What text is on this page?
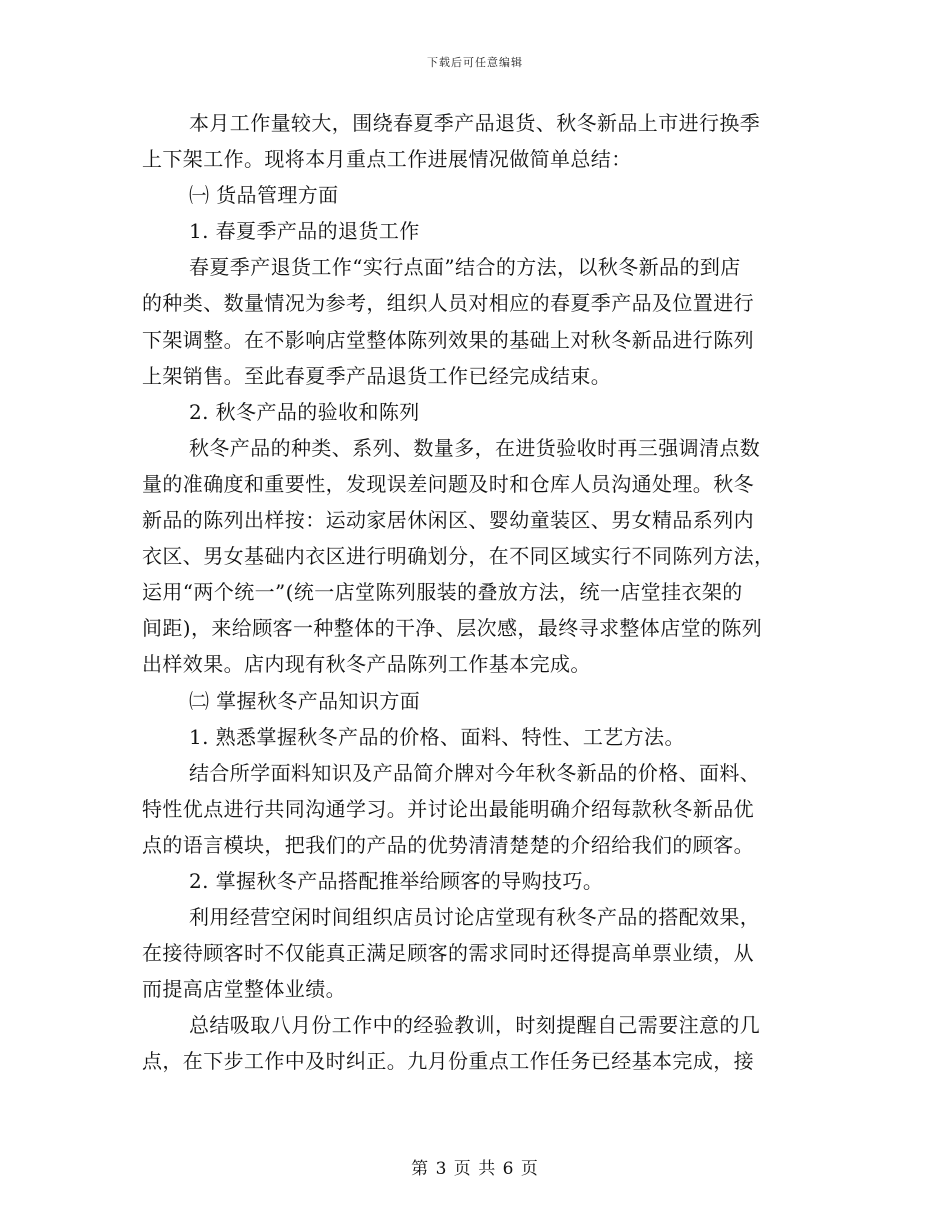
下载后可任意编辑
本月工作量较大，围绕春夏季产品退货、秋冬新品上市进行换季
上下架工作。现将本月重点工作进展情况做简单总结：
㈠ 货品管理方面
1. 春夏季产品的退货工作
春夏季产退货工作“实行点面”结合的方法，以秋冬新品的到店
的种类、数量情况为参考，组织人员对相应的春夏季产品及位置进行
下架调整。在不影响店堂整体陈列效果的基础上对秋冬新品进行陈列
上架销售。至此春夏季产品退货工作已经完成结束。
2. 秋冬产品的验收和陈列
秋冬产品的种类、系列、数量多，在进货验收时再三强调清点数
量的准确度和重要性，发现误差问题及时和仓库人员沟通处理。秋冬
新品的陈列出样按：运动家居休闲区、婴幼童装区、男女精品系列内
衣区、男女基础内衣区进行明确划分，在不同区域实行不同陈列方法，
运用“两个统一”(统一店堂陈列服装的叠放方法，统一店堂挂衣架的
间距)，来给顾客一种整体的干净、层次感，最终寻求整体店堂的陈列
出样效果。店内现有秋冬产品陈列工作基本完成。
㈡ 掌握秋冬产品知识方面
1. 熟悉掌握秋冬产品的价格、面料、特性、工艺方法。
结合所学面料知识及产品简介牌对今年秋冬新品的价格、面料、
特性优点进行共同沟通学习。并讨论出最能明确介绍每款秋冬新品优
点的语言模块，把我们的产品的优势清清楚楚的介绍给我们的顾客。
2. 掌握秋冬产品搭配推举给顾客的导购技巧。
利用经营空闲时间组织店员讨论店堂现有秋冬产品的搭配效果，
在接待顾客时不仅能真正满足顾客的需求同时还得提高单票业绩，从
而提高店堂整体业绩。
总结吸取八月份工作中的经验教训，时刻提醒自己需要注意的几
点，在下步工作中及时纠正。九月份重点工作任务已经基本完成，接
第 3 页 共 6 页
